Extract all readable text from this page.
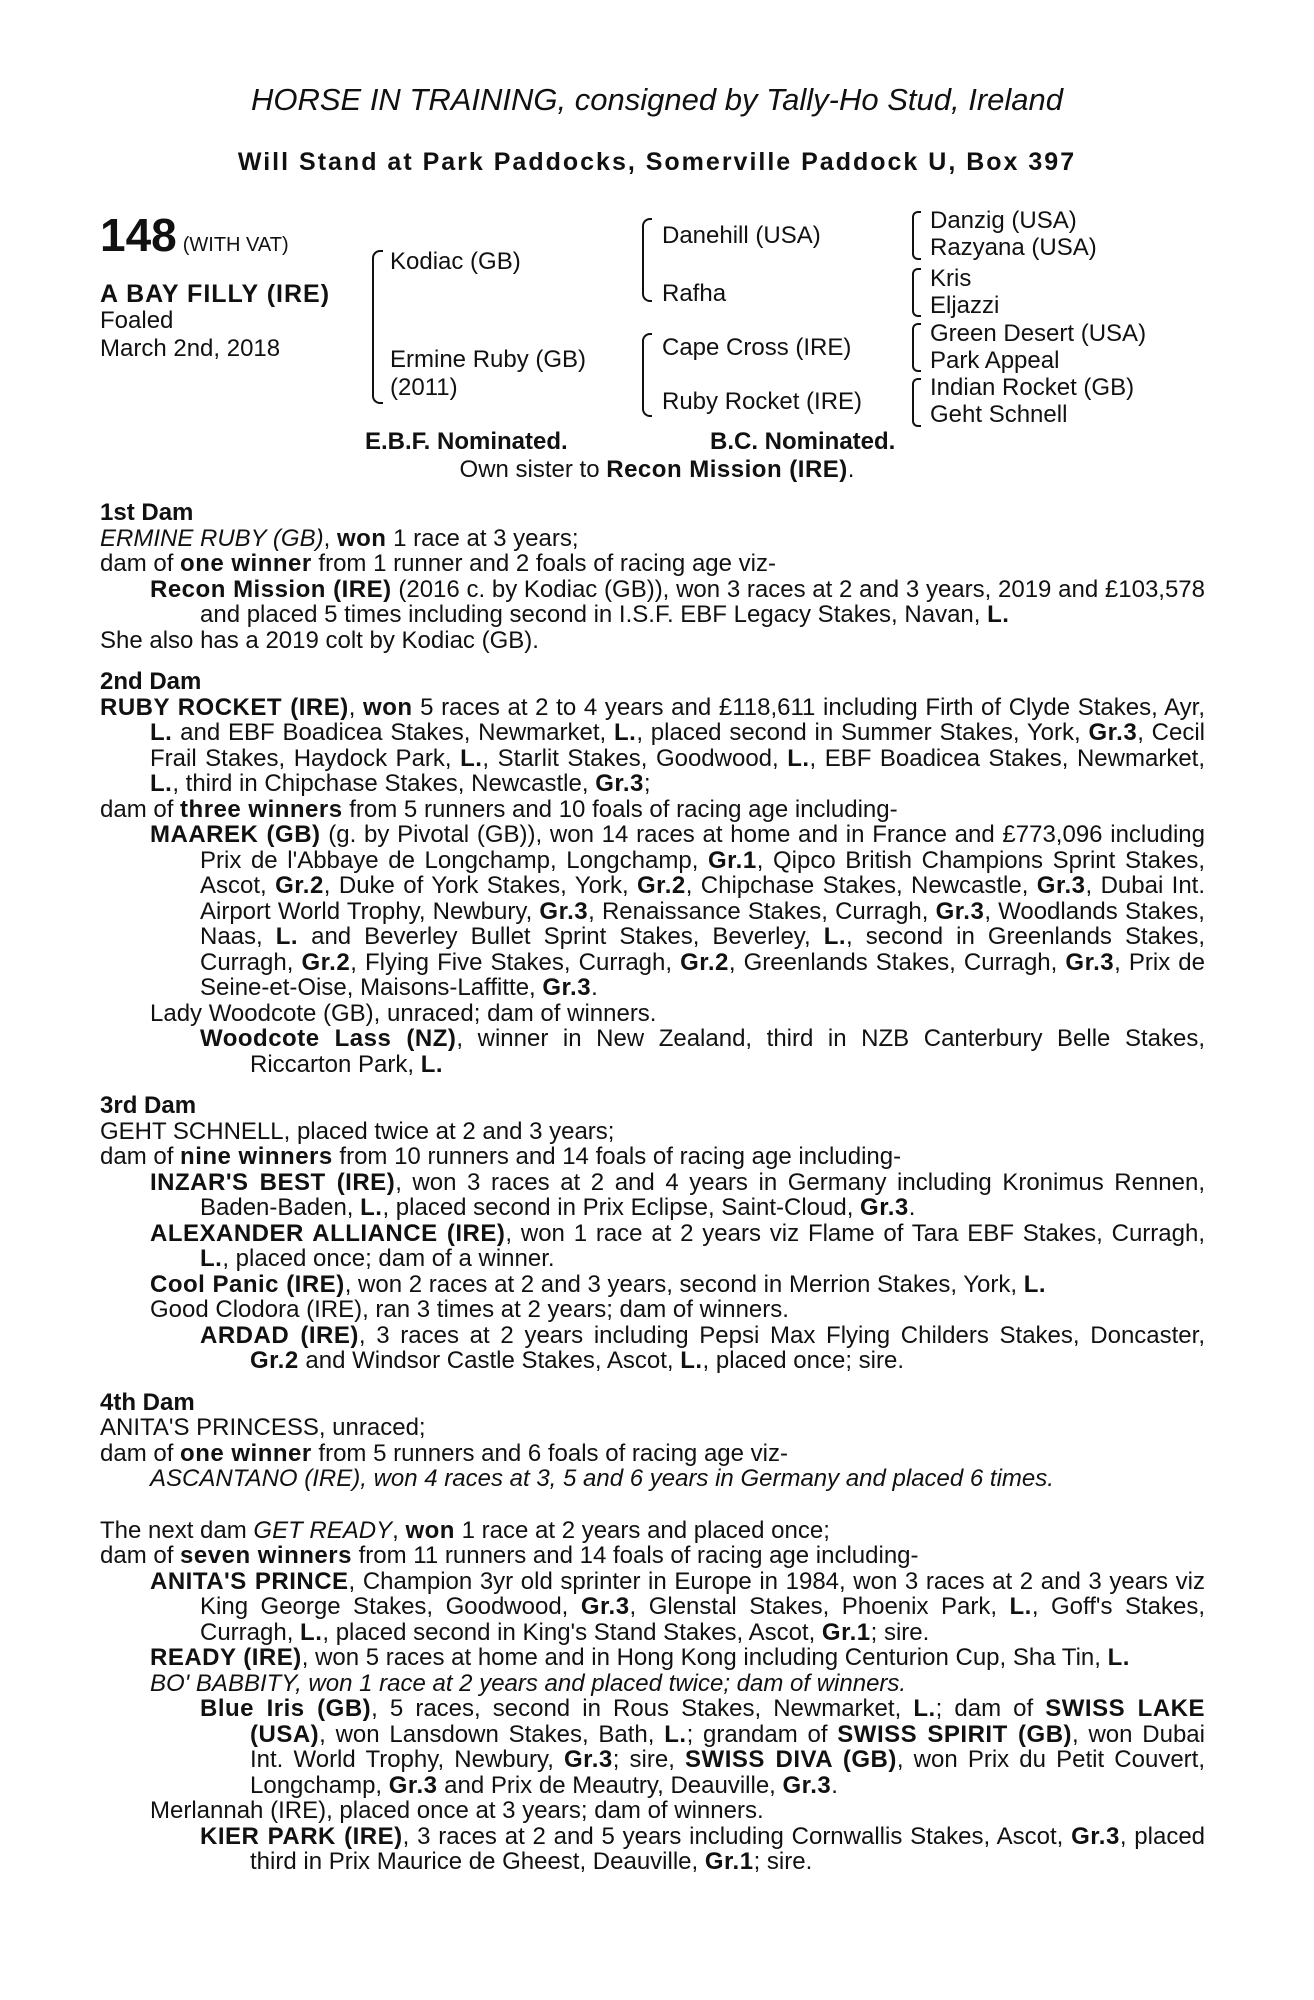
HORSE IN TRAINING, consigned by Tally-Ho Stud, Ireland
Will Stand at Park Paddocks, Somerville Paddock U, Box 397
148 (WITH VAT)
A BAY FILLY (IRE)
Foaled
March 2nd, 2018
Kodiac (GB)
Ermine Ruby (GB)
(2011)
Danehill (USA)
Rafha
Cape Cross (IRE)
Ruby Rocket (IRE)
Danzig (USA)
Razyana (USA)
Kris
Eljazzi
Green Desert (USA)
Park Appeal
Indian Rocket (GB)
Geht Schnell
E.B.F. Nominated.	B.C. Nominated.
Own sister to Recon Mission (IRE).
1st Dam
ERMINE RUBY (GB), won 1 race at 3 years;
dam of one winner from 1 runner and 2 foals of racing age viz-
Recon Mission (IRE) (2016 c. by Kodiac (GB)), won 3 races at 2 and 3 years, 2019 and £103,578 and placed 5 times including second in I.S.F. EBF Legacy Stakes, Navan, L.
She also has a 2019 colt by Kodiac (GB).
2nd Dam
RUBY ROCKET (IRE), won 5 races at 2 to 4 years and £118,611 including Firth of Clyde Stakes, Ayr, L. and EBF Boadicea Stakes, Newmarket, L., placed second in Summer Stakes, York, Gr.3, Cecil Frail Stakes, Haydock Park, L., Starlit Stakes, Goodwood, L., EBF Boadicea Stakes, Newmarket, L., third in Chipchase Stakes, Newcastle, Gr.3;
dam of three winners from 5 runners and 10 foals of racing age including-
MAAREK (GB) (g. by Pivotal (GB)), won 14 races at home and in France and £773,096 including Prix de l'Abbaye de Longchamp, Longchamp, Gr.1, Qipco British Champions Sprint Stakes, Ascot, Gr.2, Duke of York Stakes, York, Gr.2, Chipchase Stakes, Newcastle, Gr.3, Dubai Int. Airport World Trophy, Newbury, Gr.3, Renaissance Stakes, Curragh, Gr.3, Woodlands Stakes, Naas, L. and Beverley Bullet Sprint Stakes, Beverley, L., second in Greenlands Stakes, Curragh, Gr.2, Flying Five Stakes, Curragh, Gr.2, Greenlands Stakes, Curragh, Gr.3, Prix de Seine-et-Oise, Maisons-Laffitte, Gr.3.
Lady Woodcote (GB), unraced; dam of winners.
Woodcote Lass (NZ), winner in New Zealand, third in NZB Canterbury Belle Stakes, Riccarton Park, L.
3rd Dam
GEHT SCHNELL, placed twice at 2 and 3 years;
dam of nine winners from 10 runners and 14 foals of racing age including-
INZAR'S BEST (IRE), won 3 races at 2 and 4 years in Germany including Kronimus Rennen, Baden-Baden, L., placed second in Prix Eclipse, Saint-Cloud, Gr.3.
ALEXANDER ALLIANCE (IRE), won 1 race at 2 years viz Flame of Tara EBF Stakes, Curragh, L., placed once; dam of a winner.
Cool Panic (IRE), won 2 races at 2 and 3 years, second in Merrion Stakes, York, L.
Good Clodora (IRE), ran 3 times at 2 years; dam of winners.
ARDAD (IRE), 3 races at 2 years including Pepsi Max Flying Childers Stakes, Doncaster, Gr.2 and Windsor Castle Stakes, Ascot, L., placed once; sire.
4th Dam
ANITA'S PRINCESS, unraced;
dam of one winner from 5 runners and 6 foals of racing age viz-
ASCANTANO (IRE), won 4 races at 3, 5 and 6 years in Germany and placed 6 times.
The next dam GET READY, won 1 race at 2 years and placed once;
dam of seven winners from 11 runners and 14 foals of racing age including-
ANITA'S PRINCE, Champion 3yr old sprinter in Europe in 1984, won 3 races at 2 and 3 years viz King George Stakes, Goodwood, Gr.3, Glenstal Stakes, Phoenix Park, L., Goff's Stakes, Curragh, L., placed second in King's Stand Stakes, Ascot, Gr.1; sire.
READY (IRE), won 5 races at home and in Hong Kong including Centurion Cup, Sha Tin, L.
BO' BABBITY, won 1 race at 2 years and placed twice; dam of winners.
Blue Iris (GB), 5 races, second in Rous Stakes, Newmarket, L.; dam of SWISS LAKE (USA), won Lansdown Stakes, Bath, L.; grandam of SWISS SPIRIT (GB), won Dubai Int. World Trophy, Newbury, Gr.3; sire, SWISS DIVA (GB), won Prix du Petit Couvert, Longchamp, Gr.3 and Prix de Meautry, Deauville, Gr.3.
Merlannah (IRE), placed once at 3 years; dam of winners.
KIER PARK (IRE), 3 races at 2 and 5 years including Cornwallis Stakes, Ascot, Gr.3, placed third in Prix Maurice de Gheest, Deauville, Gr.1; sire.
